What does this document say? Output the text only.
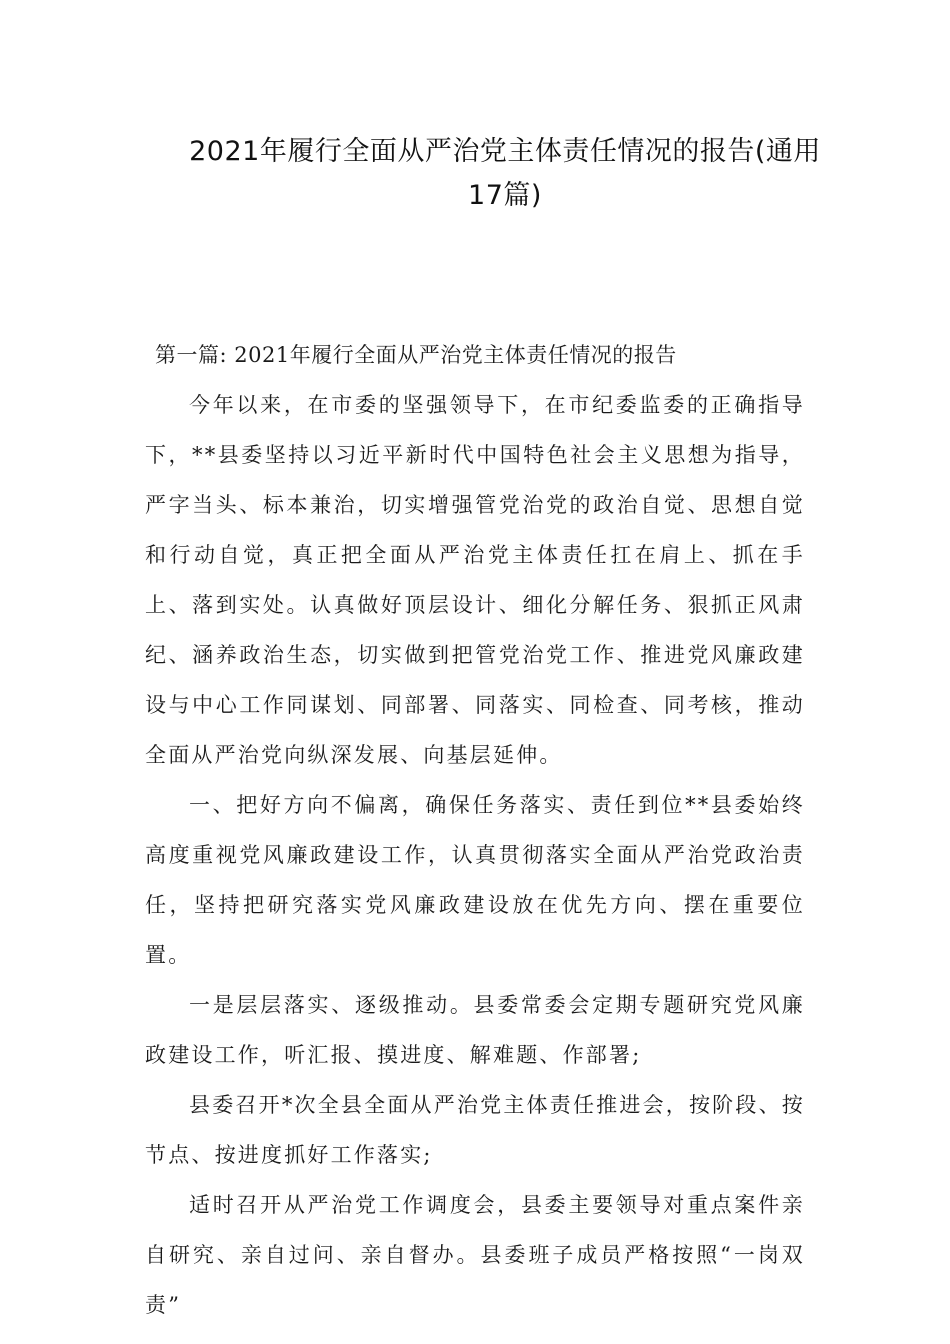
2021年履行全面从严治党主体责任情况的报告(通用
17篇)

第一篇: 2021年履行全面从严治党主体责任情况的报告

今年以来，在市委的坚强领导下，在市纪委监委的正确指导下，**县委坚持以习近平新时代中国特色社会主义思想为指导，严字当头、标本兼治，切实增强管党治党的政治自觉、思想自觉和行动自觉，真正把全面从严治党主体责任扛在肩上、抓在手上、落到实处。认真做好顶层设计、细化分解任务、狠抓正风肃纪、涵养政治生态，切实做到把管党治党工作、推进党风廉政建设与中心工作同谋划、同部署、同落实、同检查、同考核，推动全面从严治党向纵深发展、向基层延伸。

一、把好方向不偏离，确保任务落实、责任到位**县委始终高度重视党风廉政建设工作，认真贯彻落实全面从严治党政治责任，坚持把研究落实党风廉政建设放在优先方向、摆在重要位置。

一是层层落实、逐级推动。县委常委会定期专题研究党风廉政建设工作，听汇报、摸进度、解难题、作部署;

县委召开*次全县全面从严治党主体责任推进会，按阶段、按节点、按进度抓好工作落实;

适时召开从严治党工作调度会，县委主要领导对重点案件亲自研究、亲自过问、亲自督办。县委班子成员严格按照“一岗双责”
